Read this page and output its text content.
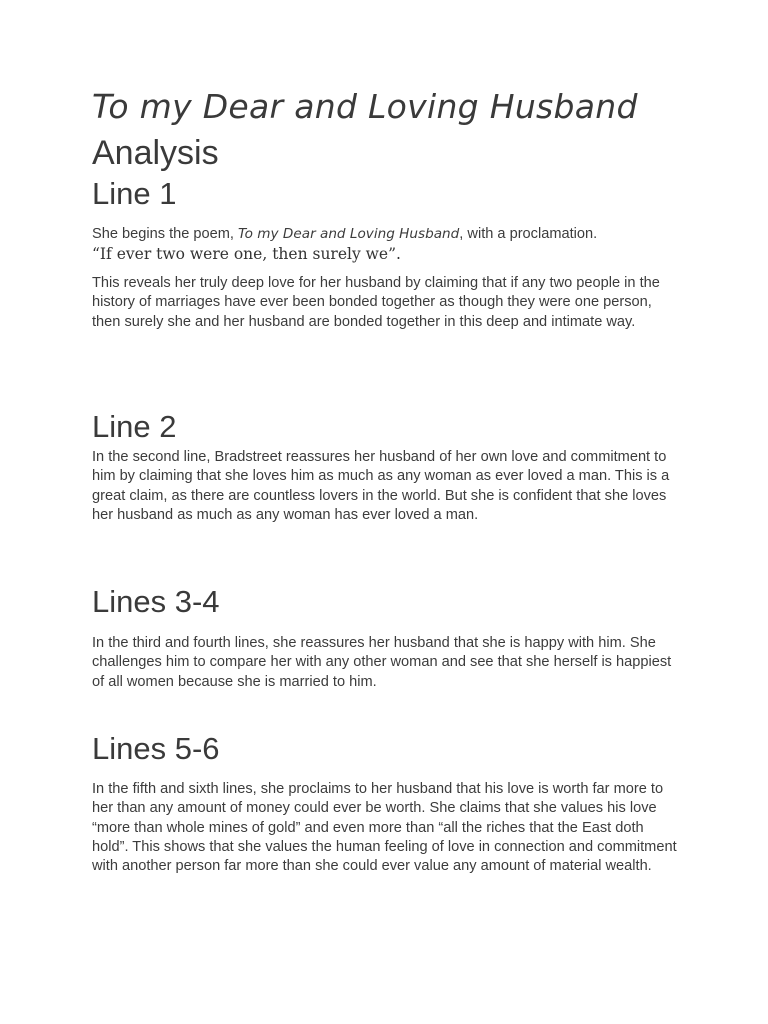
To my Dear and Loving Husband Analysis
Line 1

She begins the poem, To my Dear and Loving Husband, with a proclamation.

“If ever two were one, then surely we”.

This reveals her truly deep love for her husband by claiming that if any two people in the history of marriages have ever been bonded together as though they were one person, then surely she and her husband are bonded together in this deep and intimate way.

Line 2

In the second line, Bradstreet reassures her husband of her own love and commitment to him by claiming that she loves him as much as any woman as ever loved a man. This is a great claim, as there are countless lovers in the world. But she is confident that she loves her husband as much as any woman has ever loved a man.

Lines 3-4

In the third and fourth lines, she reassures her husband that she is happy with him. She challenges him to compare her with any other woman and see that she herself is happiest of all women because she is married to him.

Lines 5-6

In the fifth and sixth lines, she proclaims to her husband that his love is worth far more to her than any amount of money could ever be worth. She claims that she values his love “more than whole mines of gold” and even more than “all the riches that the East doth hold”. This shows that she values the human feeling of love in connection and commitment with another person far more than she could ever value any amount of material wealth.
